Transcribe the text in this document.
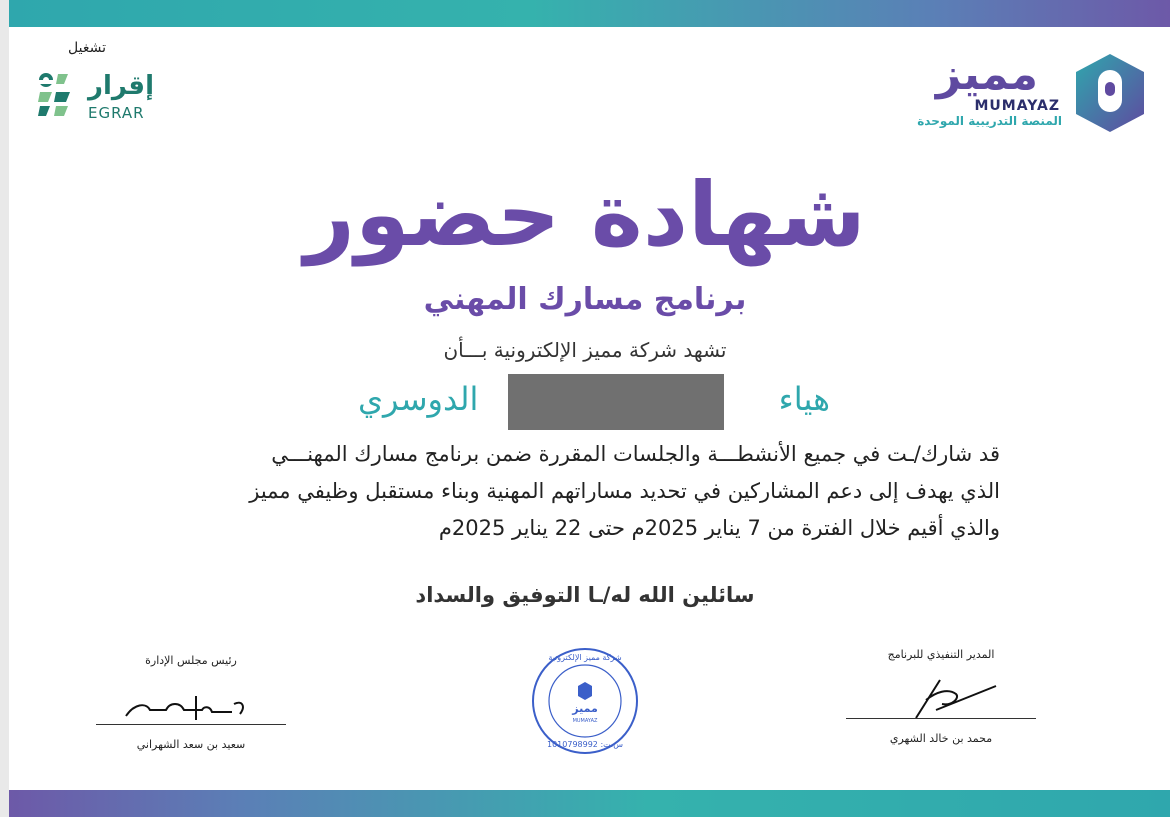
تشغيل
إقرار
EGRAR
مميز
MUMAYAZ
المنصة التدريبية الموحدة
شهادة حضور
برنامج مسارك المهني
تشهد شركة مميز الإلكترونية بـــأن
هياء
الدوسري

قد شارك/ـت في جميع الأنشطـــة والجلسات المقررة ضمن برنامج مسارك المهنـــي

الذي يهدف إلى دعم المشاركين في تحديد مساراتهم المهنية وبناء مستقبل وظيفي مميز

والذي أقيم خلال الفترة من 7 يناير 2025م حتى 22 يناير 2025م

سائلين الله له/ـا التوفيق والسداد
المدير التنفيذي للبرنامج
محمد بن خالد الشهري
رئيس مجلس الإدارة
سعيد بن سعد الشهراني
مميز
MUMAYAZ
شركة مميز الإلكترونية
س.ت: 1010798992
